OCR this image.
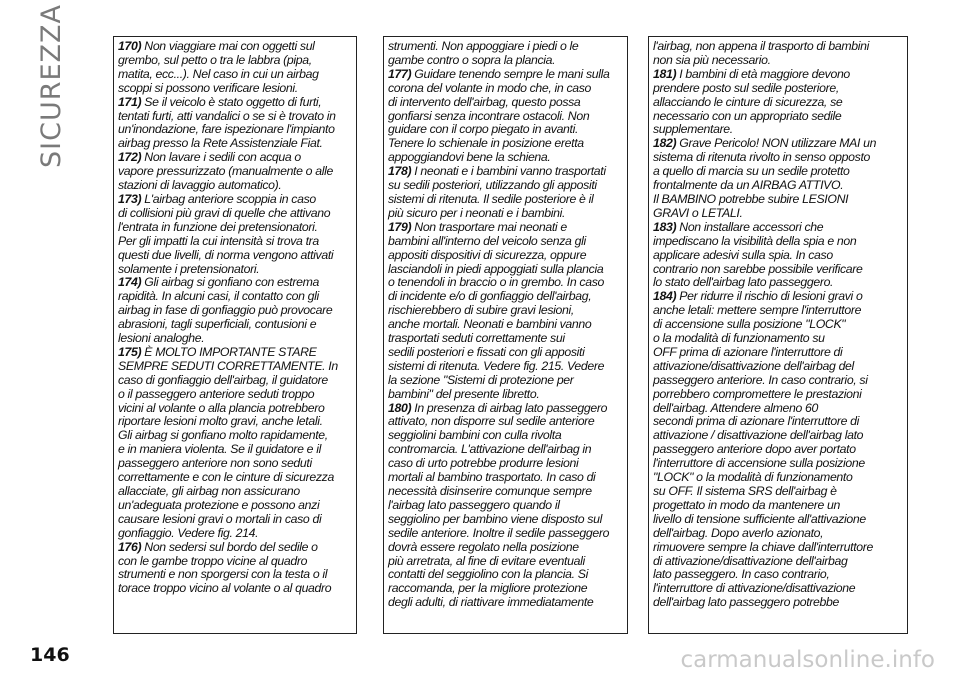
SICUREZZA	170) Non viaggiare mai con oggetti sul
grembo, sul petto o tra le labbra (pipa,
matita, ecc...). Nel caso in cui un airbag
scoppi si possono verificare lesioni.

171) Se il veicolo è stato oggetto di furti,
tentati furti, atti vandalici o se si è trovato in
un'inondazione, fare ispezionare l'impianto
airbag presso la Rete Assistenziale Fiat.

172) Non lavare i sedili con acqua o
vapore pressurizzato (manualmente o alle
stazioni di lavaggio automatico).

173) L'airbag anteriore scoppia in caso
di collisioni più gravi di quelle che attivano
l'entrata in funzione dei pretensionatori.
Per gli impatti la cui intensità si trova tra
questi due livelli, di norma vengono attivati
solamente i pretensionatori.

174) Gli airbag si gonfiano con estrema
rapidità. In alcuni casi, il contatto con gli
airbag in fase di gonfiaggio può provocare
abrasioni, tagli superficiali, contusioni e
lesioni analoghe.

175) È MOLTO IMPORTANTE STARE
SEMPRE SEDUTI CORRETTAMENTE. In
caso di gonfiaggio dell'airbag, il guidatore
o il passeggero anteriore seduti troppo
vicini al volante o alla plancia potrebbero
riportare lesioni molto gravi, anche letali.
Gli airbag si gonfiano molto rapidamente,
e in maniera violenta. Se il guidatore e il
passeggero anteriore non sono seduti
correttamente e con le cinture di sicurezza
allacciate, gli airbag non assicurano
un'adeguata protezione e possono anzi
causare lesioni gravi o mortali in caso di
gonfiaggio. Vedere fig. 214.

176) Non sedersi sul bordo del sedile o
con le gambe troppo vicine al quadro
strumenti e non sporgersi con la testa o il
torace troppo vicino al volante o al quadro

strumenti. Non appoggiare i piedi o le
gambe contro o sopra la plancia.

177) Guidare tenendo sempre le mani sulla
corona del volante in modo che, in caso
di intervento dell'airbag, questo possa
gonfiarsi senza incontrare ostacoli. Non
guidare con il corpo piegato in avanti.
Tenere lo schienale in posizione eretta
appoggiandovi bene la schiena.

178) I neonati e i bambini vanno trasportati
su sedili posteriori, utilizzando gli appositi
sistemi di ritenuta. Il sedile posteriore è il
più sicuro per i neonati e i bambini.

179) Non trasportare mai neonati e
bambini all'interno del veicolo senza gli
appositi dispositivi di sicurezza, oppure
lasciandoli in piedi appoggiati sulla plancia
o tenendoli in braccio o in grembo. In caso
di incidente e/o di gonfiaggio dell'airbag,
rischierebbero di subire gravi lesioni,
anche mortali. Neonati e bambini vanno
trasportati seduti correttamente sui
sedili posteriori e fissati con gli appositi
sistemi di ritenuta. Vedere fig. 215. Vedere
la sezione "Sistemi di protezione per
bambini" del presente libretto.

180) In presenza di airbag lato passeggero
attivato, non disporre sul sedile anteriore
seggiolini bambini con culla rivolta
contromarcia. L'attivazione dell'airbag in
caso di urto potrebbe produrre lesioni
mortali al bambino trasportato. In caso di
necessità disinserire comunque sempre
l'airbag lato passeggero quando il
seggiolino per bambino viene disposto sul
sedile anteriore. Inoltre il sedile passeggero
dovrà essere regolato nella posizione
più arretrata, al fine di evitare eventuali
contatti del seggiolino con la plancia. Si
raccomanda, per la migliore protezione
degli adulti, di riattivare immediatamente

l'airbag, non appena il trasporto di bambini
non sia più necessario.

181) I bambini di età maggiore devono
prendere posto sul sedile posteriore,
allacciando le cinture di sicurezza, se
necessario con un appropriato sedile
supplementare.

182) Grave Pericolo! NON utilizzare MAI un
sistema di ritenuta rivolto in senso opposto
a quello di marcia su un sedile protetto
frontalmente da un AIRBAG ATTIVO.
Il BAMBINO potrebbe subire LESIONI
GRAVI o LETALI.

183) Non installare accessori che
impediscano la visibilità della spia e non
applicare adesivi sulla spia. In caso
contrario non sarebbe possibile verificare
lo stato dell'airbag lato passeggero.

184) Per ridurre il rischio di lesioni gravi o
anche letali: mettere sempre l'interruttore
di accensione sulla posizione "LOCK"
o la modalità di funzionamento su
OFF prima di azionare l'interruttore di
attivazione/disattivazione dell'airbag del
passeggero anteriore. In caso contrario, si
porrebbero compromettere le prestazioni
dell'airbag. Attendere almeno 60
secondi prima di azionare l'interruttore di
attivazione / disattivazione dell'airbag lato
passeggero anteriore dopo aver portato
l'interruttore di accensione sulla posizione
"LOCK" o la modalità di funzionamento
su OFF. Il sistema SRS dell'airbag è
progettato in modo da mantenere un
livello di tensione sufficiente all'attivazione
dell'airbag. Dopo averlo azionato,
rimuovere sempre la chiave dall'interruttore
di attivazione/disattivazione dell'airbag
lato passeggero. In caso contrario,
l'interruttore di attivazione/disattivazione
dell'airbag lato passeggero potrebbe

146	carmanualsonline.info
